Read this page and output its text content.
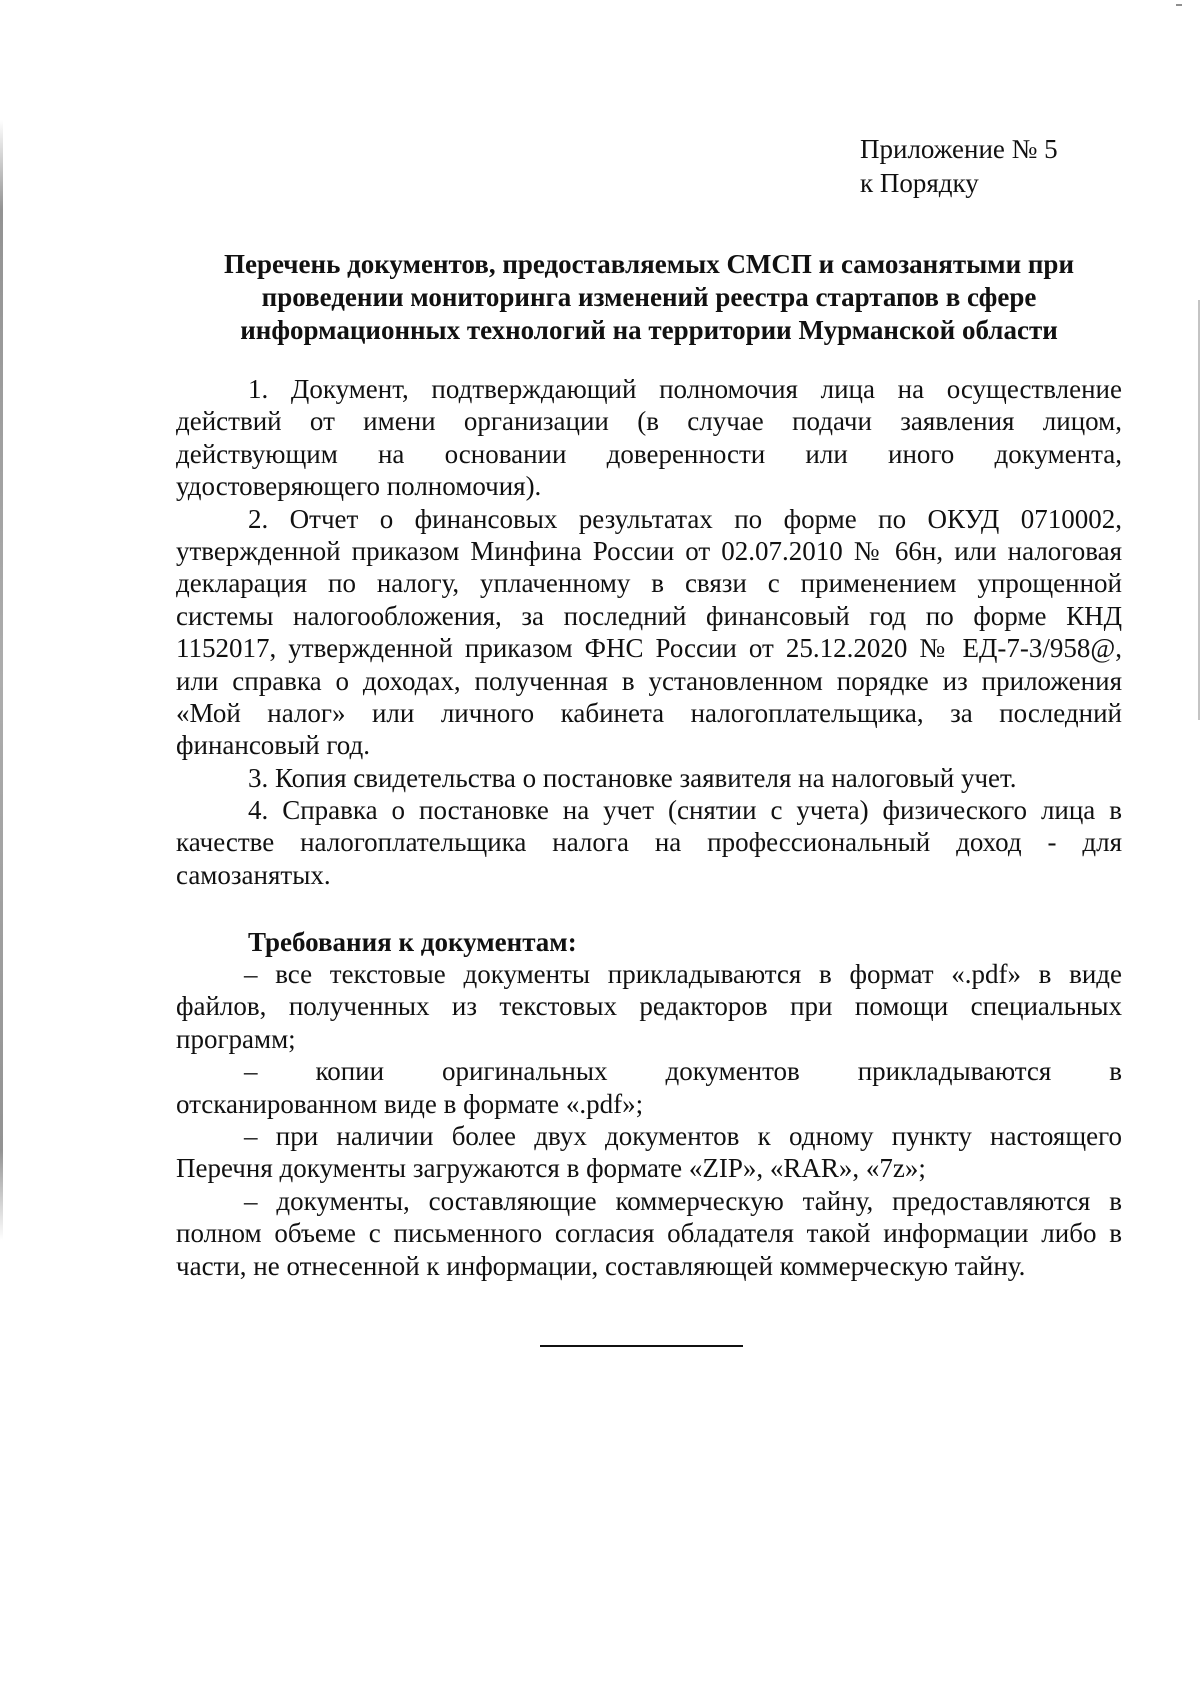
Приложение № 5
к Порядку
Перечень документов, предоставляемых СМСП и самозанятыми при
проведении мониторинга изменений реестра стартапов в сфере
информационных технологий на территории Мурманской области
1. Документ, подтверждающий полномочия лица на осуществление
действий от имени организации (в случае подачи заявления лицом,
действующим на основании доверенности или иного документа,
удостоверяющего полномочия).
2. Отчет о финансовых результатах по форме по ОКУД 0710002,
утвержденной приказом Минфина России от 02.07.2010 № 66н, или налоговая
декларация по налогу, уплаченному в связи с применением упрощенной
системы налогообложения, за последний финансовый год по форме КНД
1152017, утвержденной приказом ФНС России от 25.12.2020 № ЕД-7-3/958@,
или справка о доходах, полученная в установленном порядке из приложения
«Мой налог» или личного кабинета налогоплательщика, за последний
финансовый год.
3. Копия свидетельства о постановке заявителя на налоговый учет.
4. Справка о постановке на учет (снятии с учета) физического лица в
качестве налогоплательщика налога на профессиональный доход - для
самозанятых.
Требования к документам:
– все текстовые документы прикладываются в формат «.pdf» в виде
файлов, полученных из текстовых редакторов при помощи специальных
программ;
– копии оригинальных документов прикладываются в
отсканированном виде в формате «.pdf»;
– при наличии более двух документов к одному пункту настоящего
Перечня документы загружаются в формате «ZIP», «RAR», «7z»;
– документы, составляющие коммерческую тайну, предоставляются в
полном объеме с письменного согласия обладателя такой информации либо в
части, не отнесенной к информации, составляющей коммерческую тайну.
